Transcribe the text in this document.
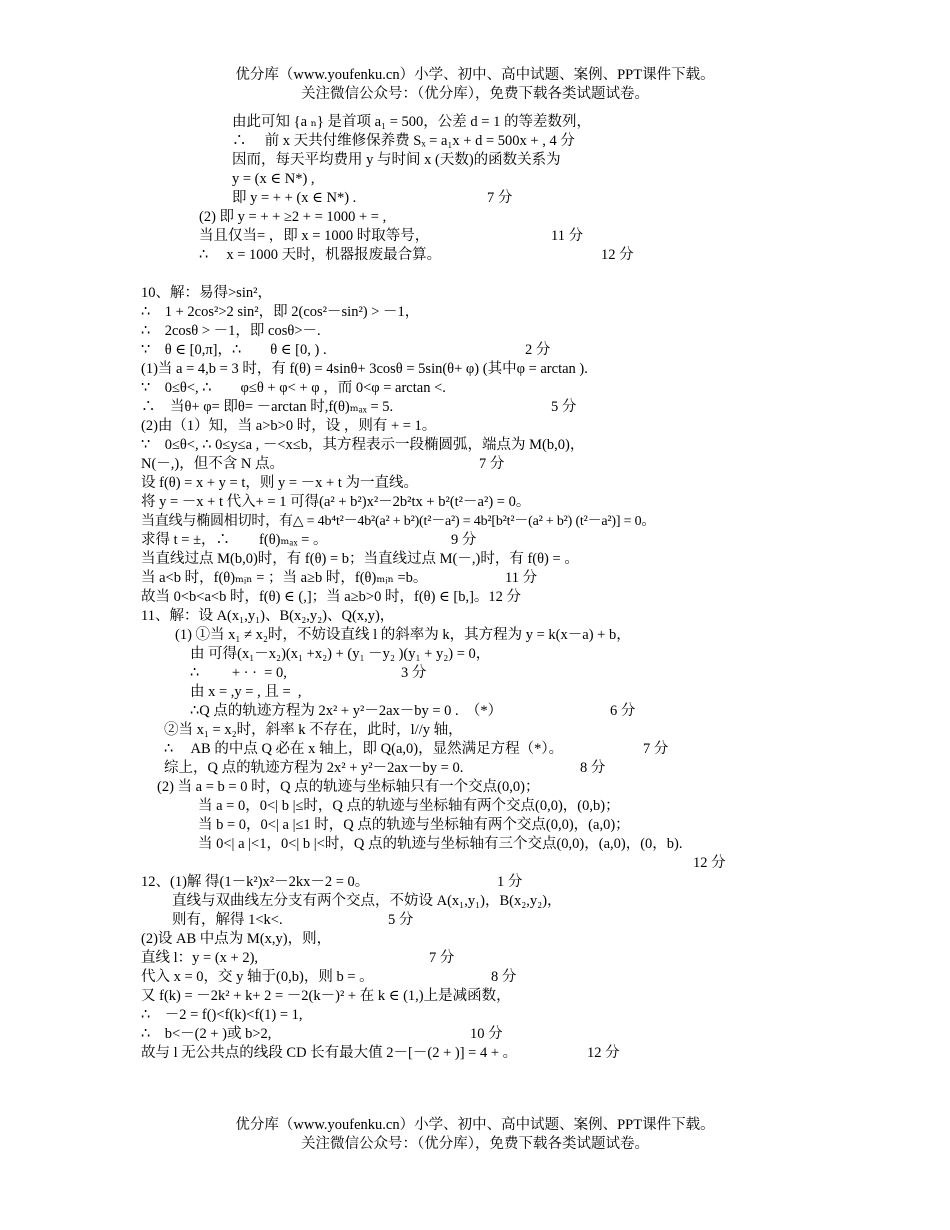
优分库（www.youfenku.cn）小学、初中、高中试题、案例、PPT课件下载。
关注微信公众号：（优分库），免费下载各类试题试卷。
由此可知 {a ₙ} 是首项 a₁ = 500，公差 d = 1 的等差数列，
∴     前 x 天共付维修保养费 Sₓ = a₁x + d = 500x + , 4 分
因而，每天平均费用 y 与时间 x (天数)的函数关系为
y = (x ∈ N*) ,
即 y = + + (x ∈ N*) .	7 分
(2) 即 y = + + ≥2 + = 1000 + = ,
当且仅当= ，即 x = 1000 时取等号，	11 分
∴     x = 1000 天时，机器报废最合算。	12 分
10、解：易得>sin²，
∴    1 + 2cos²>2 sin²，即 2(cos²－sin²) > －1，
∴    2cosθ > －1，即 cosθ>－.
∵    θ ∈ [0,π]，∴        θ ∈ [0, ) .	2 分
(1)当 a = 4,b = 3 时，有 f(θ) = 4sinθ+ 3cosθ = 5sin(θ+ φ) (其中φ = arctan ).
∵    0≤θ<, ∴        φ≤θ + φ< + φ ，而 0<φ = arctan <.
∴    当θ+ φ= 即θ= －arctan 时,f(θ)ₘₐₓ = 5.	5 分
(2)由（1）知，当 a>b>0 时，设 ，则有 + = 1。
∵    0≤θ<, ∴ 0≤y≤a , －<x≤b，其方程表示一段椭圆弧，端点为 M(b,0)，
N(－,)，但不含 N 点。	7 分
设 f(θ) = x + y = t，则 y = －x + t 为一直线。
将 y = －x + t 代入+ = 1 可得(a² + b²)x²－2b²tx + b²(t²－a²) = 0。
当直线与椭圆相切时，有△ = 4b⁴t²－4b²(a² + b²)(t²－a²) = 4b²[b²t²－(a² + b²) (t²－a²)] = 0。
求得 t = ±，∴        f(θ)ₘₐₓ = 。	9 分
当直线过点 M(b,0)时，有 f(θ) = b；当直线过点 M(－,)时，有 f(θ) = 。
当 a<b 时，f(θ)ₘᵢₙ = ；当 a≥b 时，f(θ)ₘᵢₙ =b。	11 分
故当 0<b<a<b 时，f(θ) ∈ (,]；当 a≥b>0 时，f(θ) ∈ [b,]。12 分
11、解：设 A(x₁,y₁)、B(x₂,y₂)、Q(x,y)，
(1) ①当 x₁ ≠ x₂时，不妨设直线 l 的斜率为 k，其方程为 y = k(x－a) + b，
由 可得(x₁－x₂)(x₁ +x₂) + (y₁ －y₂ )(y₁ + y₂) = 0，
∴         + · ·  = 0,	3 分
由 x = ,y = , 且 =  ,
∴Q 点的轨迹方程为 2x² + y²－2ax－by = 0 .  （*）	6 分
②当 x₁ = x₂时，斜率 k 不存在，此时，l//y 轴，
∴     AB 的中点 Q 必在 x 轴上，即 Q(a,0)，显然满足方程（*）。	7 分
综上，Q 点的轨迹方程为 2x² + y²－2ax－by = 0.	8 分
(2) 当 a = b = 0 时，Q 点的轨迹与坐标轴只有一个交点(0,0)；
当 a = 0，0<| b |≤时，Q 点的轨迹与坐标轴有两个交点(0,0)，(0,b)；
当 b = 0，0<| a |≤1 时，Q 点的轨迹与坐标轴有两个交点(0,0)，(a,0)；
当 0<| a |<1，0<| b |<时，Q 点的轨迹与坐标轴有三个交点(0,0)，(a,0)，(0，b).
12 分
12、(1)解 得(1－k²)x²－2kx－2 = 0。	1 分
直线与双曲线左分支有两个交点，不妨设 A(x₁,y₁)，B(x₂,y₂)，
则有，解得 1<k<.	5 分
(2)设 AB 中点为 M(x,y)，则，
直线 l：y = (x + 2),	7 分
代入 x = 0，交 y 轴于(0,b)，则 b = 。	8 分
又 f(k) = －2k² + k+ 2 = －2(k－)² + 在 k ∈ (1,)上是减函数，
∴    －2 = f()<f(k)<f(1) = 1,
∴    b<－(2 + )或 b>2,	10 分
故与 l 无公共点的线段 CD 长有最大值 2－[－(2 + )] = 4 + 。	12 分
优分库（www.youfenku.cn）小学、初中、高中试题、案例、PPT课件下载。
关注微信公众号：（优分库），免费下载各类试题试卷。
